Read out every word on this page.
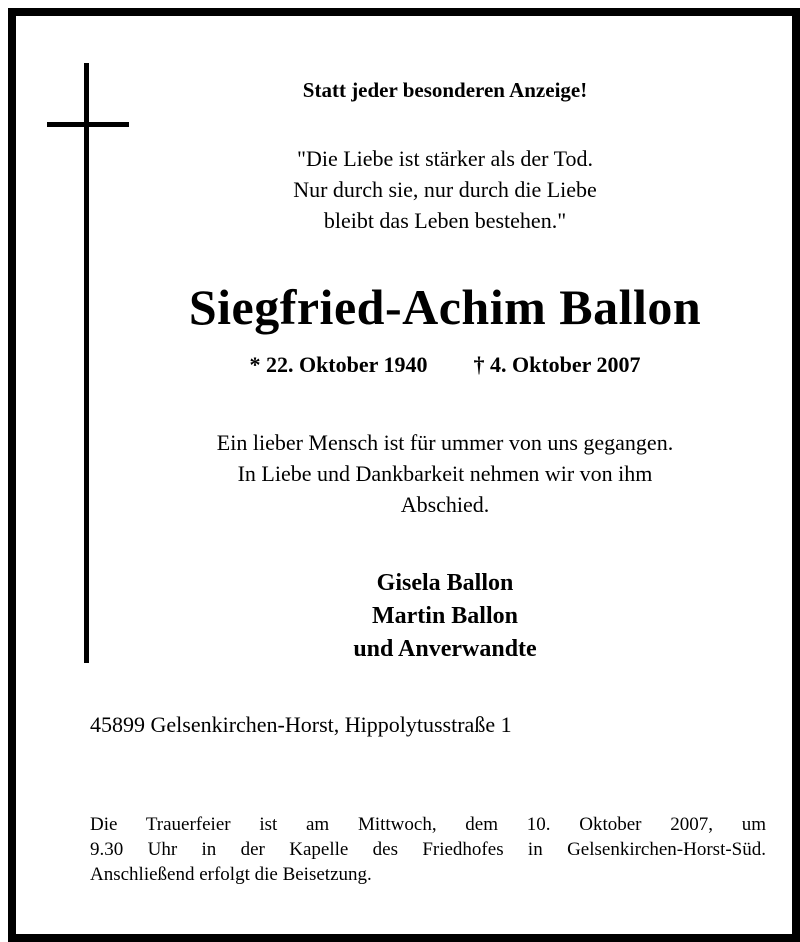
Statt jeder besonderen Anzeige!
"Die Liebe ist stärker als der Tod.
Nur durch sie, nur durch die Liebe
bleibt das Leben bestehen."
Siegfried-Achim Ballon
* 22. Oktober 1940 † 4. Oktober 2007
Ein lieber Mensch ist für ummer von uns gegangen.
In Liebe und Dankbarkeit nehmen wir von ihm
Abschied.
Gisela Ballon
Martin Ballon
und Anverwandte
45899 Gelsenkirchen-Horst, Hippolytusstraße 1
Die Trauerfeier ist am Mittwoch, dem 10. Oktober 2007, um
9.30 Uhr in der Kapelle des Friedhofes in Gelsenkirchen-Horst-Süd.
Anschließend erfolgt die Beisetzung.
